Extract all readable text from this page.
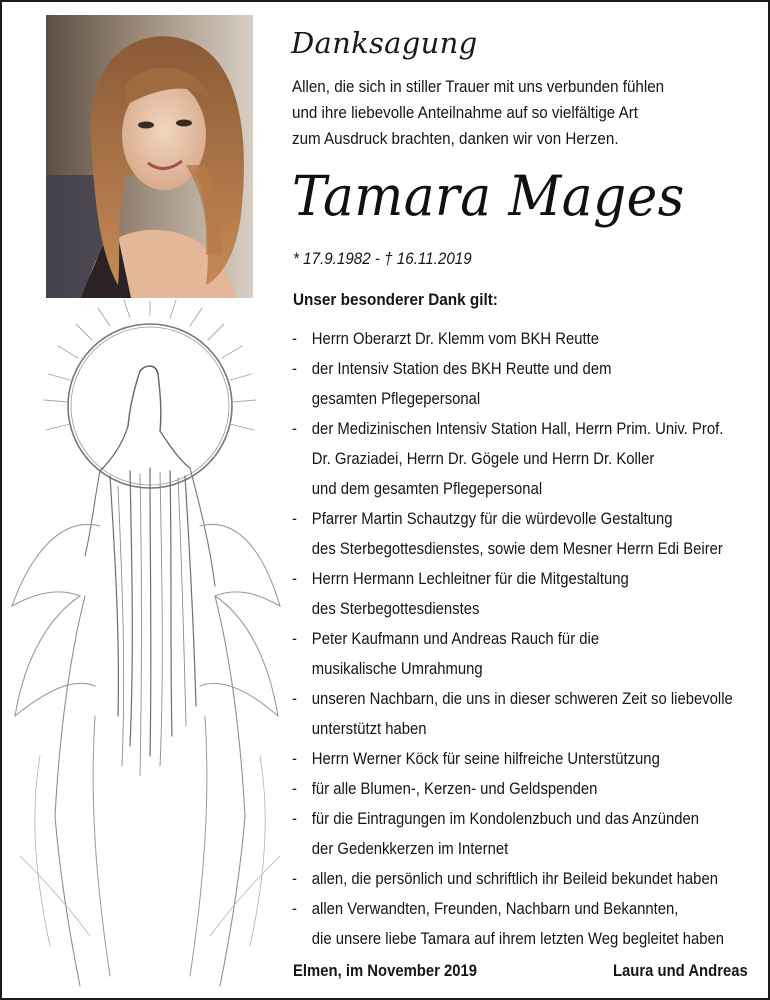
Danksagung
Allen, die sich in stiller Trauer mit uns verbunden fühlen
und ihre liebevolle Anteilnahme auf so vielfältige Art
zum Ausdruck brachten, danken wir von Herzen.
Tamara Mages
* 17.9.1982 - † 16.11.2019
Unser besonderer Dank gilt:
- Herrn Oberarzt Dr. Klemm vom BKH Reutte
- der Intensiv Station des BKH Reutte und dem
gesamten Pflegepersonal
- der Medizinischen Intensiv Station Hall, Herrn Prim. Univ. Prof.
Dr. Graziadei, Herrn Dr. Gögele und Herrn Dr. Koller
und dem gesamten Pflegepersonal
- Pfarrer Martin Schautzgy für die würdevolle Gestaltung
des Sterbegottesdienstes, sowie dem Mesner Herrn Edi Beirer
- Herrn Hermann Lechleitner für die Mitgestaltung
des Sterbegottesdienstes
- Peter Kaufmann und Andreas Rauch für die
musikalische Umrahmung
- unseren Nachbarn, die uns in dieser schweren Zeit so liebevolle
unterstützt haben
- Herrn Werner Köck für seine hilfreiche Unterstützung
- für alle Blumen-, Kerzen- und Geldspenden
- für die Eintragungen im Kondolenzbuch und das Anzünden
der Gedenkkerzen im Internet
- allen, die persönlich und schriftlich ihr Beileid bekundet haben
- allen Verwandten, Freunden, Nachbarn und Bekannten,
die unsere liebe Tamara auf ihrem letzten Weg begleitet haben
Elmen, im November 2019	Laura und Andreas
